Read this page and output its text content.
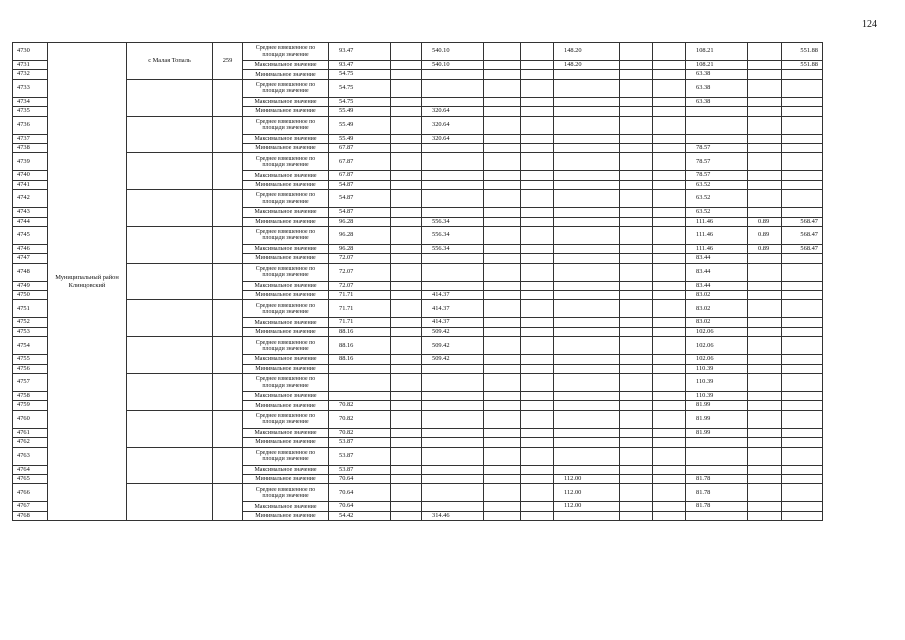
124
4730	Муниципальный район Клинцовский	с Малая Топаль	259	Среднее взвешенное по площади значение	93.47		540.10			148.20			108.21		551.88
4731				Максимальное значение	93.47		540.10			148.20			108.21		551.88
4732				Минимальное значение	54.75								63.38		
4733				Среднее взвешенное по площади значение	54.75								63.38		
4734				Максимальное значение	54.75								63.38		
4735				Минимальное значение	55.49		320.64								
4736				Среднее взвешенное по площади значение	55.49		320.64								
4737				Максимальное значение	55.49		320.64								
4738				Минимальное значение	67.87								78.57		
4739				Среднее взвешенное по площади значение	67.87								78.57		
4740				Максимальное значение	67.87								78.57		
4741				Минимальное значение	54.87								63.52		
4742				Среднее взвешенное по площади значение	54.87								63.52		
4743				Максимальное значение	54.87								63.52		
4744				Минимальное значение	96.28		556.34						111.46	0.89	568.47
4745				Среднее взвешенное по площади значение	96.28		556.34						111.46	0.89	568.47
4746				Максимальное значение	96.28		556.34						111.46	0.89	568.47
4747				Минимальное значение	72.07								83.44		
4748				Среднее взвешенное по площади значение	72.07								83.44		
4749				Максимальное значение	72.07								83.44		
4750				Минимальное значение	71.71		414.37						83.02		
4751				Среднее взвешенное по площади значение	71.71		414.37						83.02		
4752				Максимальное значение	71.71		414.37						83.02		
4753				Минимальное значение	88.16		509.42						102.06		
4754				Среднее взвешенное по площади значение	88.16		509.42						102.06		
4755				Максимальное значение	88.16		509.42						102.06		
4756				Минимальное значение									110.39		
4757				Среднее взвешенное по площади значение									110.39		
4758				Максимальное значение									110.39		
4759				Минимальное значение	70.82								81.99		
4760				Среднее взвешенное по площади значение	70.82								81.99		
4761				Максимальное значение	70.82								81.99		
4762				Минимальное значение	53.87										
4763				Среднее взвешенное по площади значение	53.87										
4764				Максимальное значение	53.87										
4765				Минимальное значение	70.64					112.00			81.78		
4766				Среднее взвешенное по площади значение	70.64					112.00			81.78		
4767				Максимальное значение	70.64					112.00			81.78		
4768				Минимальное значение	54.42		314.46								
